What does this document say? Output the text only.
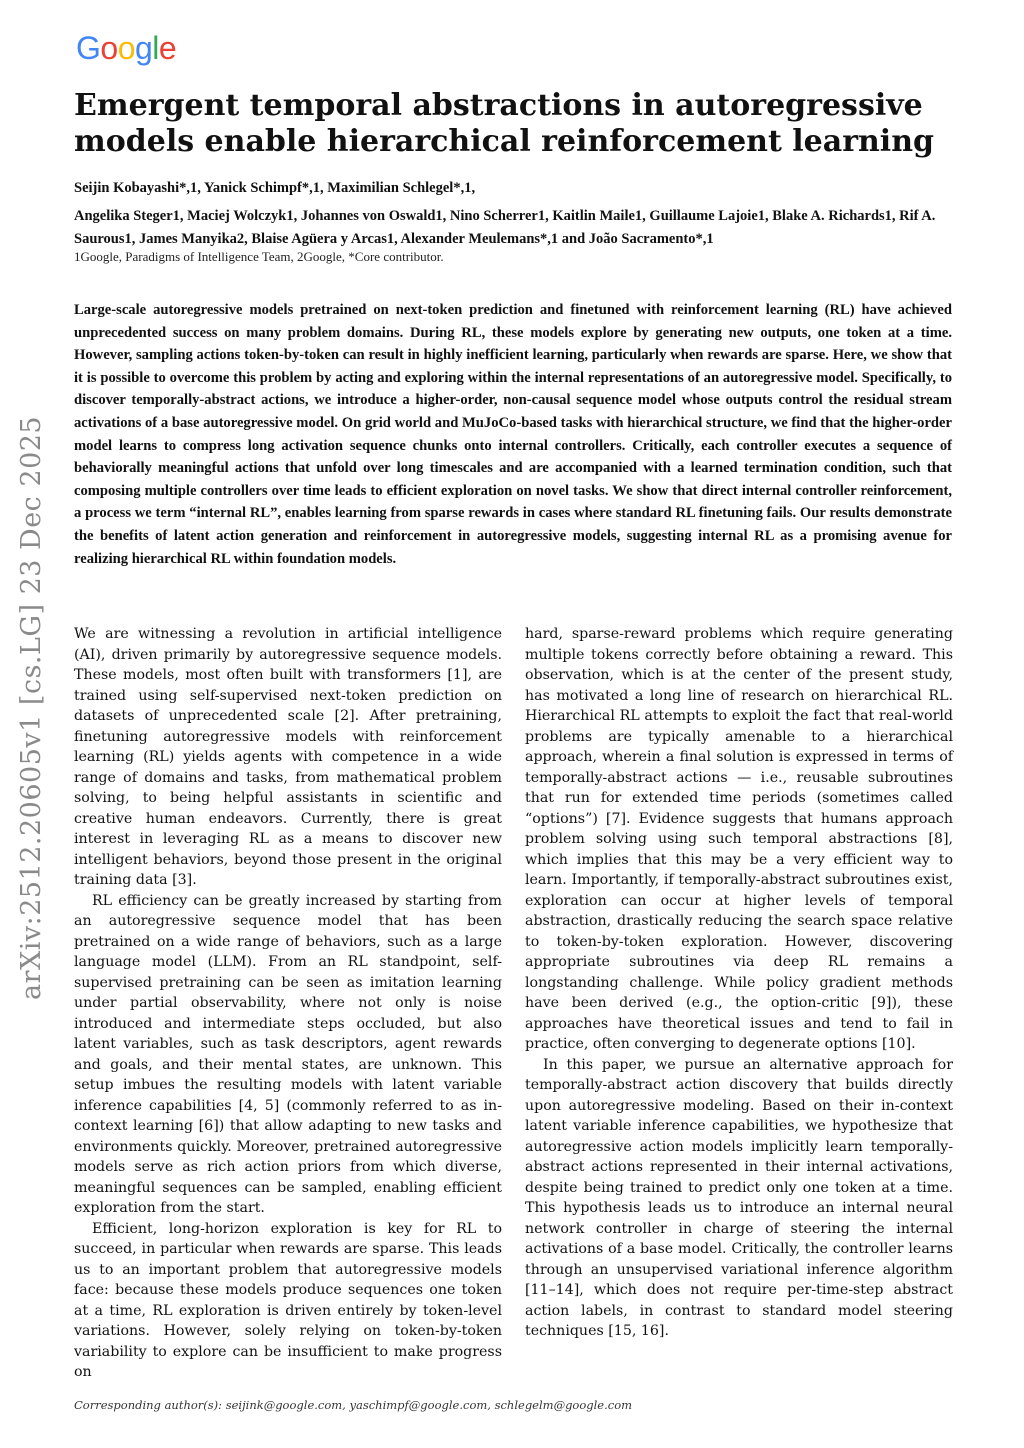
Google
Emergent temporal abstractions in autoregressive models enable hierarchical reinforcement learning
Seijin Kobayashi*,1, Yanick Schimpf*,1, Maximilian Schlegel*,1,
Angelika Steger1, Maciej Wolczyk1, Johannes von Oswald1, Nino Scherrer1, Kaitlin Maile1, Guillaume Lajoie1, Blake A. Richards1, Rif A. Saurous1, James Manyika2, Blaise Agüera y Arcas1, Alexander Meulemans*,1 and João Sacramento*,1
1Google, Paradigms of Intelligence Team, 2Google, *Core contributor.
Large-scale autoregressive models pretrained on next-token prediction and finetuned with reinforcement learning (RL) have achieved unprecedented success on many problem domains. During RL, these models explore by generating new outputs, one token at a time. However, sampling actions token-by-token can result in highly inefficient learning, particularly when rewards are sparse. Here, we show that it is possible to overcome this problem by acting and exploring within the internal representations of an autoregressive model. Specifically, to discover temporally-abstract actions, we introduce a higher-order, non-causal sequence model whose outputs control the residual stream activations of a base autoregressive model. On grid world and MuJoCo-based tasks with hierarchical structure, we find that the higher-order model learns to compress long activation sequence chunks onto internal controllers. Critically, each controller executes a sequence of behaviorally meaningful actions that unfold over long timescales and are accompanied with a learned termination condition, such that composing multiple controllers over time leads to efficient exploration on novel tasks. We show that direct internal controller reinforcement, a process we term “internal RL”, enables learning from sparse rewards in cases where standard RL finetuning fails. Our results demonstrate the benefits of latent action generation and reinforcement in autoregressive models, suggesting internal RL as a promising avenue for realizing hierarchical RL within foundation models.
arXiv:2512.20605v1 [cs.LG] 23 Dec 2025 We are witnessing a revolution in artificial intelligence (AI), driven primarily by autoregressive sequence models. These models, most often built with transformers [1], are trained using self-supervised next-token prediction on datasets of unprecedented scale [2]. After pretraining, finetuning autoregressive models with reinforcement learning (RL) yields agents with competence in a wide range of domains and tasks, from mathematical problem solving, to being helpful assistants in scientific and creative human endeavors. Currently, there is great interest in leveraging RL as a means to discover new intelligent behaviors, beyond those present in the original training data [3].

RL efficiency can be greatly increased by starting from an autoregressive sequence model that has been pretrained on a wide range of behaviors, such as a large language model (LLM). From an RL standpoint, self-supervised pretraining can be seen as imitation learning under partial observability, where not only is noise introduced and intermediate steps occluded, but also latent variables, such as task descriptors, agent rewards and goals, and their mental states, are unknown. This setup imbues the resulting models with latent variable inference capabilities [4, 5] (commonly referred to as in-context learning [6]) that allow adapting to new tasks and environments quickly. Moreover, pretrained autoregressive models serve as rich action priors from which diverse, meaningful sequences can be sampled, enabling efficient exploration from the start.

Efficient, long-horizon exploration is key for RL to succeed, in particular when rewards are sparse. This leads us to an important problem that autoregressive models face: because these models produce sequences one token at a time, RL exploration is driven entirely by token-level variations. However, solely relying on token-by-token variability to explore can be insufficient to make progress on

hard, sparse-reward problems which require generating multiple tokens correctly before obtaining a reward. This observation, which is at the center of the present study, has motivated a long line of research on hierarchical RL. Hierarchical RL attempts to exploit the fact that real-world problems are typically amenable to a hierarchical approach, wherein a final solution is expressed in terms of temporally-abstract actions — i.e., reusable subroutines that run for extended time periods (sometimes called “options”) [7]. Evidence suggests that humans approach problem solving using such temporal abstractions [8], which implies that this may be a very efficient way to learn. Importantly, if temporally-abstract subroutines exist, exploration can occur at higher levels of temporal abstraction, drastically reducing the search space relative to token-by-token exploration. However, discovering appropriate subroutines via deep RL remains a longstanding challenge. While policy gradient methods have been derived (e.g., the option-critic [9]), these approaches have theoretical issues and tend to fail in practice, often converging to degenerate options [10].

In this paper, we pursue an alternative approach for temporally-abstract action discovery that builds directly upon autoregressive modeling. Based on their in-context latent variable inference capabilities, we hypothesize that autoregressive action models implicitly learn temporally-abstract actions represented in their internal activations, despite being trained to predict only one token at a time. This hypothesis leads us to introduce an internal neural network controller in charge of steering the internal activations of a base model. Critically, the controller learns through an unsupervised variational inference algorithm [11–14], which does not require per-time-step abstract action labels, in contrast to standard model steering techniques [15, 16].

Corresponding author(s): seijink@google.com, yaschimpf@google.com, schlegelm@google.com
